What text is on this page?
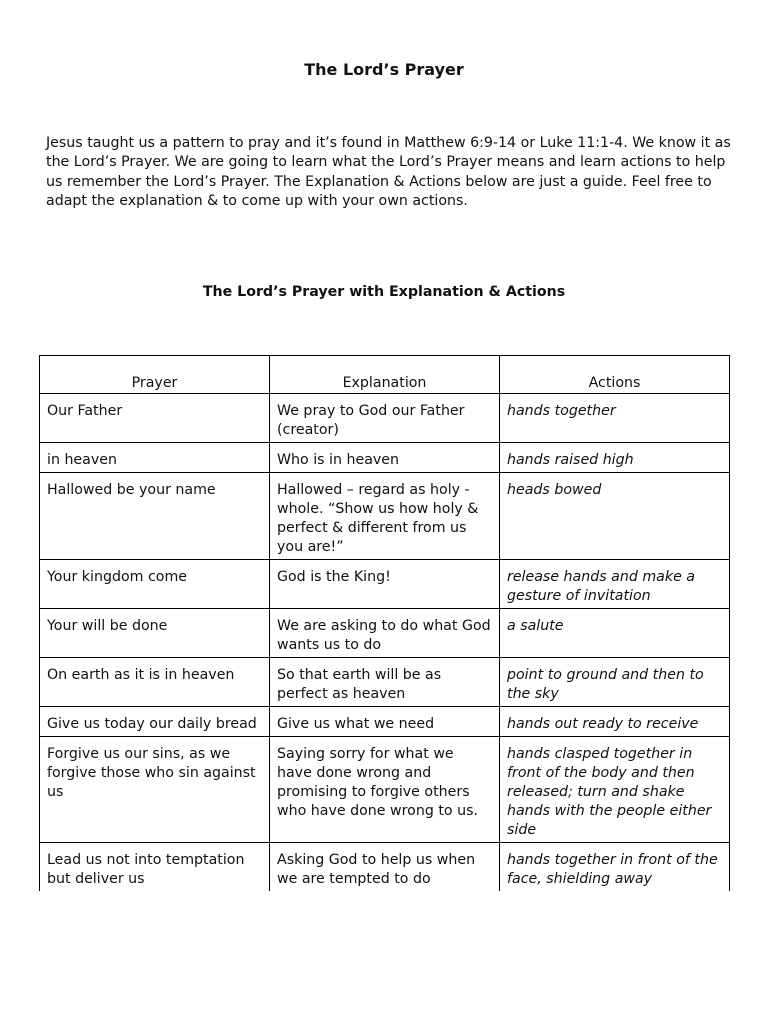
The Lord’s Prayer

Jesus taught us a pattern to pray and it’s found in Matthew 6:9-14 or Luke 11:1-4. We know it as the Lord’s Prayer. We are going to learn what the Lord’s Prayer means and learn actions to help us remember the Lord’s Prayer. The Explanation & Actions below are just a guide. Feel free to adapt the explanation & to come up with your own actions.

The Lord’s Prayer with Explanation & Actions
Prayer	Explanation	Actions
Our Father	We pray to God our Father (creator)	hands together
in heaven	Who is in heaven	hands raised high
Hallowed be your name	Hallowed – regard as holy - whole. “Show us how holy & perfect & different from us you are!”	heads bowed
Your kingdom come	God is the King!	release hands and make a gesture of invitation
Your will be done	We are asking to do what God wants us to do	a salute
On earth as it is in heaven	So that earth will be as perfect as heaven	point to ground and then to the sky
Give us today our daily bread	Give us what we need	hands out ready to receive
Forgive us our sins, as we forgive those who sin against us	Saying sorry for what we have done wrong and promising to forgive others who have done wrong to us.	hands clasped together in front of the body and then released; turn and shake hands with the people either side
Lead us not into temptation but deliver us	Asking God to help us when we are tempted to do	hands together in front of the face, shielding away
